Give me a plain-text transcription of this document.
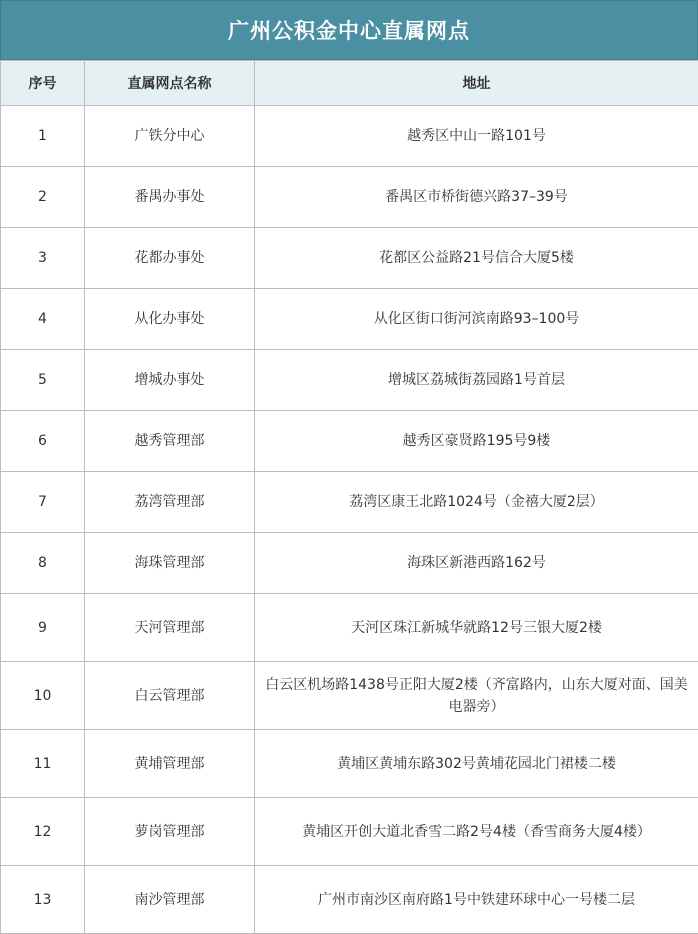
广州公积金中心直属网点
序号	直属网点名称	地址
1	广铁分中心	越秀区中山一路101号
2	番禺办事处	番禺区市桥街德兴路37–39号
3	花都办事处	花都区公益路21号信合大厦5楼
4	从化办事处	从化区街口街河滨南路93–100号
5	增城办事处	增城区荔城街荔园路1号首层
6	越秀管理部	越秀区豪贤路195号9楼
7	荔湾管理部	荔湾区康王北路1024号（金禧大厦2层）
8	海珠管理部	海珠区新港西路162号
9	天河管理部	天河区珠江新城华就路12号三银大厦2楼
10	白云管理部	白云区机场路1438号正阳大厦2楼（齐富路内，山东大厦对面、国美电器旁）
11	黄埔管理部	黄埔区黄埔东路302号黄埔花园北门裙楼二楼
12	萝岗管理部	黄埔区开创大道北香雪二路2号4楼（香雪商务大厦4楼）
13	南沙管理部	广州市南沙区南府路1号中铁建环球中心一号楼二层
